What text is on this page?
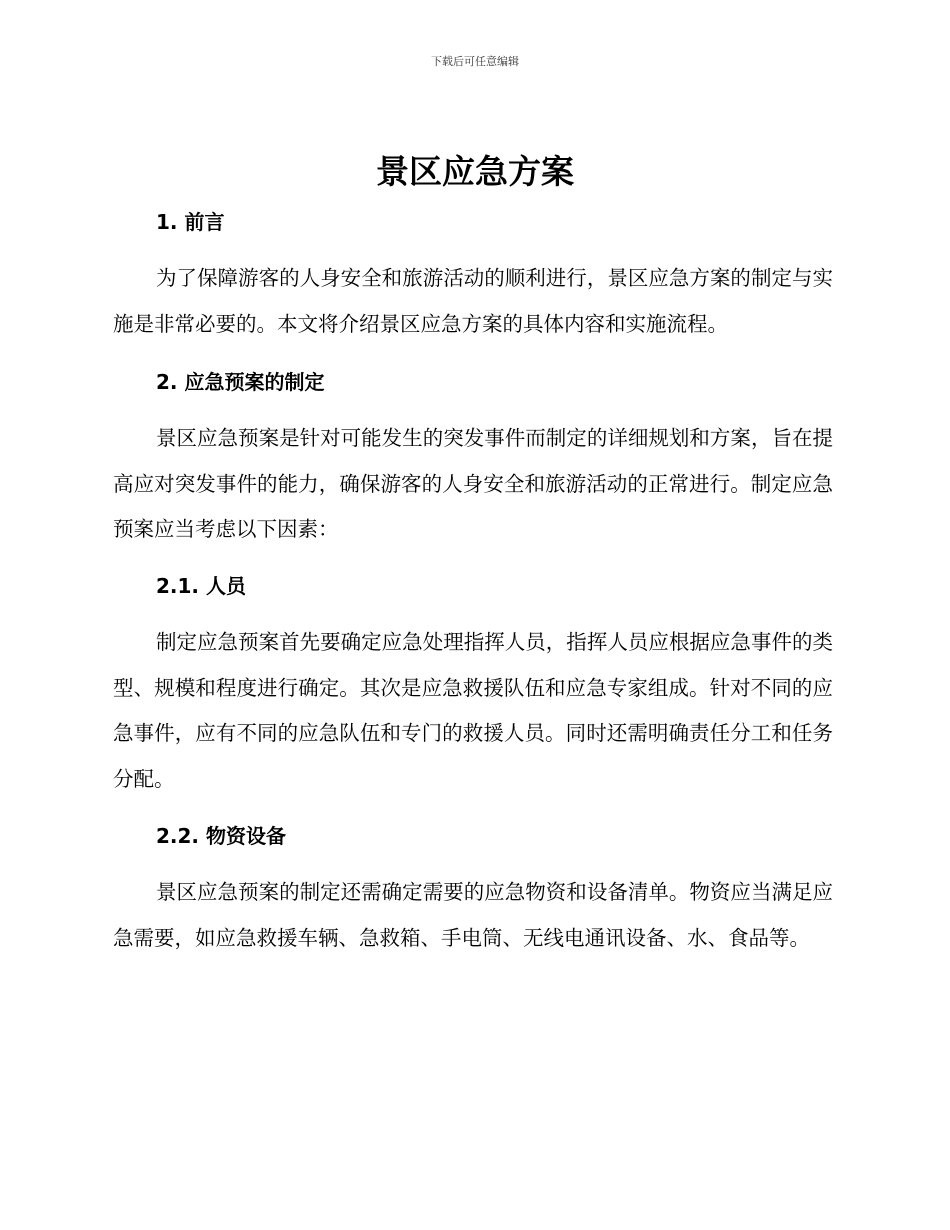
下载后可任意编辑
景区应急方案
1. 前言

为了保障游客的人身安全和旅游活动的顺利进行，景区应急方案的制定与实施是非常必要的。本文将介绍景区应急方案的具体内容和实施流程。

2. 应急预案的制定

景区应急预案是针对可能发生的突发事件而制定的详细规划和方案，旨在提高应对突发事件的能力，确保游客的人身安全和旅游活动的正常进行。制定应急预案应当考虑以下因素：

2.1. 人员

制定应急预案首先要确定应急处理指挥人员，指挥人员应根据应急事件的类型、规模和程度进行确定。其次是应急救援队伍和应急专家组成。针对不同的应急事件，应有不同的应急队伍和专门的救援人员。同时还需明确责任分工和任务分配。

2.2. 物资设备

景区应急预案的制定还需确定需要的应急物资和设备清单。物资应当满足应急需要，如应急救援车辆、急救箱、手电筒、无线电通讯设备、水、食品等。
